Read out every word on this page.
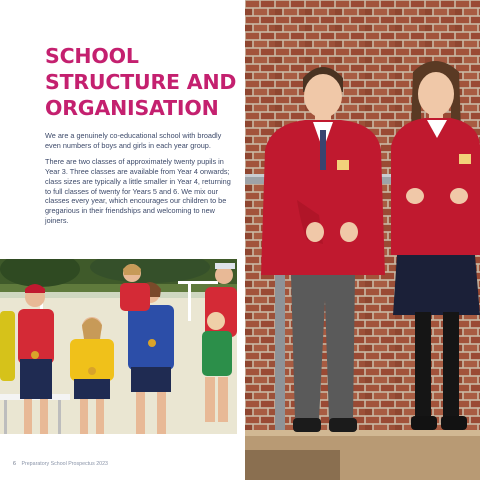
SCHOOL
STRUCTURE AND
ORGANISATION

We are a genuinely co-educational school with broadly even numbers of boys and girls in each year group.

There are two classes of approximately twenty pupils in Year 3. Three classes are available from Year 4 onwards; class sizes are typically a little smaller in Year 4, returning to full classes of twenty for Years 5 and 6. We mix our classes every year, which encourages our children to be gregarious in their friendships and welcoming to new joiners.

6 Preparatory School Prospectus 2023
